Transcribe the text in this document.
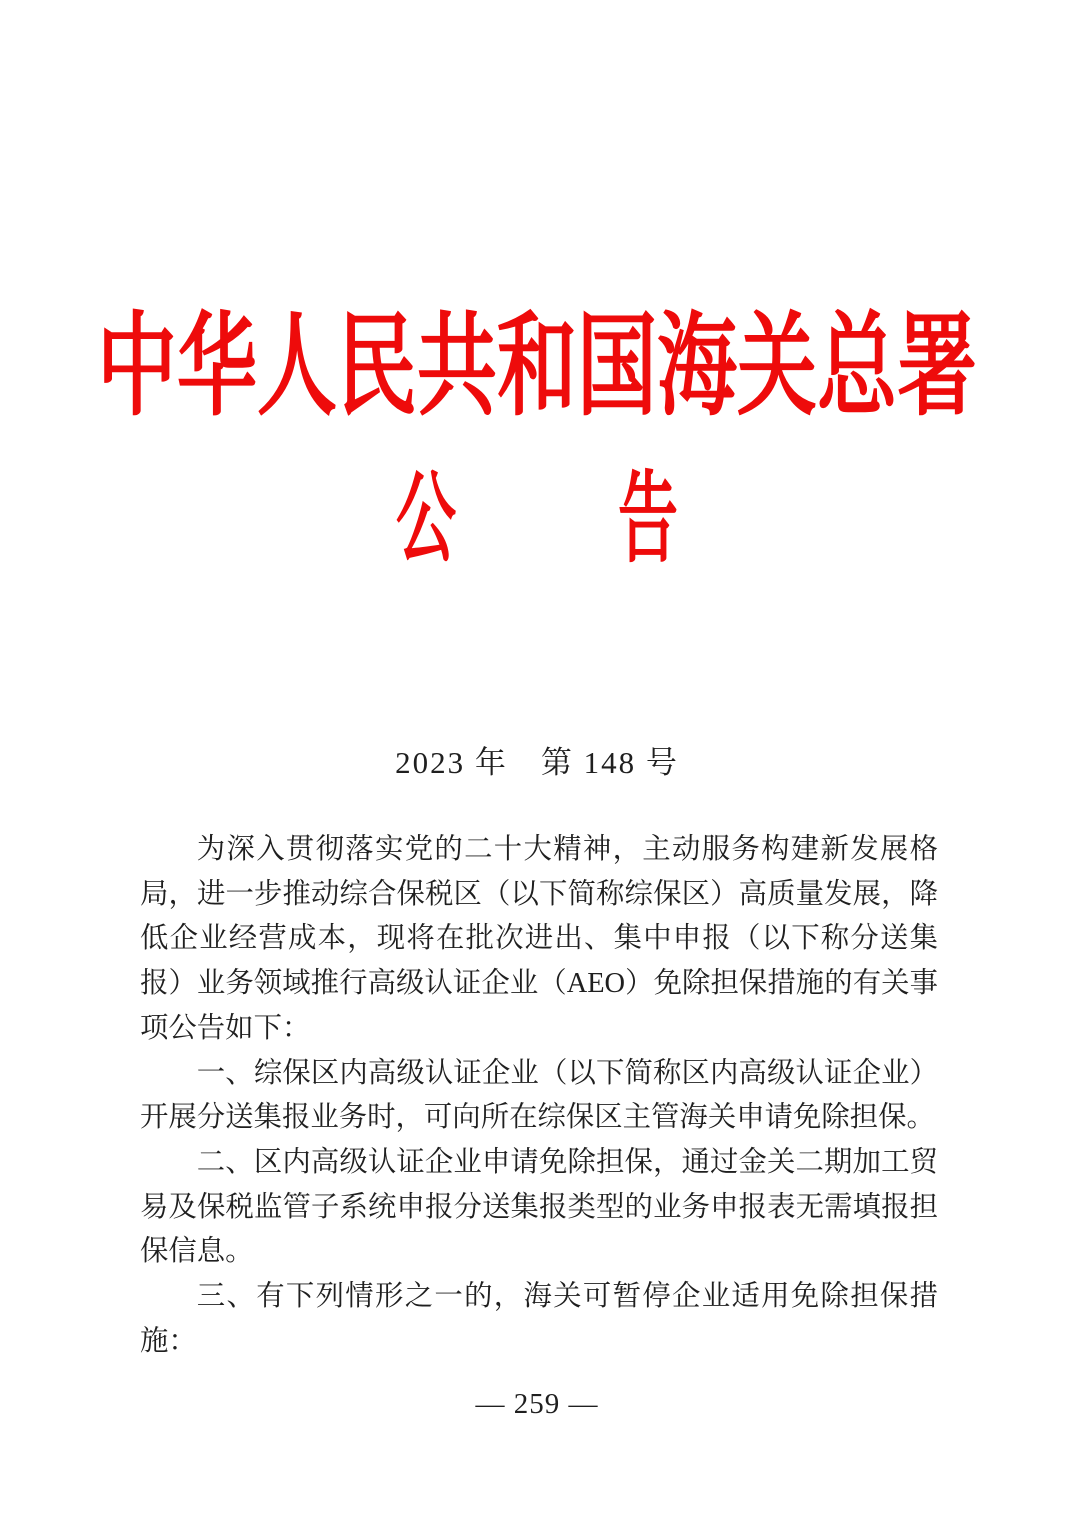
中华人民共和国海关总署
公　　告
2023 年　第 148 号

为深入贯彻落实党的二十大精神，主动服务构建新发展格局，进一步推动综合保税区（以下简称综保区）高质量发展，降低企业经营成本，现将在批次进出、集中申报（以下称分送集报）业务领域推行高级认证企业（AEO）免除担保措施的有关事项公告如下：

一、综保区内高级认证企业（以下简称区内高级认证企业）开展分送集报业务时，可向所在综保区主管海关申请免除担保。

二、区内高级认证企业申请免除担保，通过金关二期加工贸易及保税监管子系统申报分送集报类型的业务申报表无需填报担保信息。

三、有下列情形之一的，海关可暂停企业适用免除担保措施：

— 259 —
